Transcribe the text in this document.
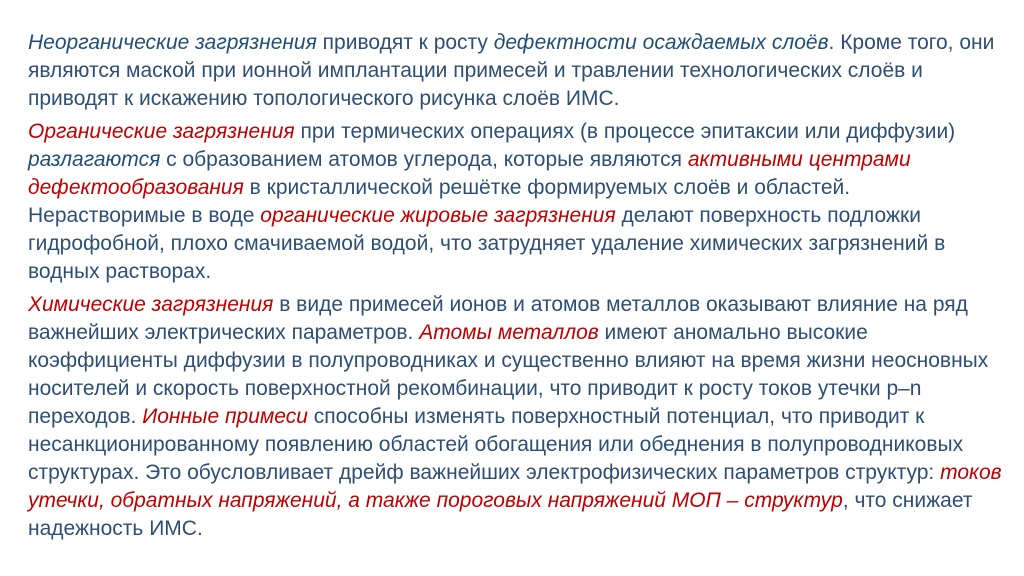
Неорганические загрязнения приводят к росту дефектности осаждаемых слоёв. Кроме того, они являются маской при ионной имплантации примесей и травлении технологических слоёв и приводят к искажению топологического рисунка слоёв ИМС.

Органические загрязнения при термических операциях (в процессе эпитаксии или диффузии) разлагаются с образованием атомов углерода, которые являются активными центрами дефектообразования в кристаллической решётке формируемых слоёв и областей. Нерастворимые в воде органические жировые загрязнения делают поверхность подложки гидрофобной, плохо смачиваемой водой, что затрудняет удаление химических загрязнений в водных растворах.

Химические загрязнения в виде примесей ионов и атомов металлов оказывают влияние на ряд важнейших электрических параметров. Атомы металлов имеют аномально высокие коэффициенты диффузии в полупроводниках и существенно влияют на время жизни неосновных носителей и скорость поверхностной рекомбинации, что приводит к росту токов утечки р–n переходов. Ионные примеси способны изменять поверхностный потенциал, что приводит к несанкционированному появлению областей обогащения или обеднения в полупроводниковых структурах. Это обусловливает дрейф важнейших электрофизических параметров структур: токов утечки, обратных напряжений, а также пороговых напряжений МОП – структур, что снижает надежность ИМС.
